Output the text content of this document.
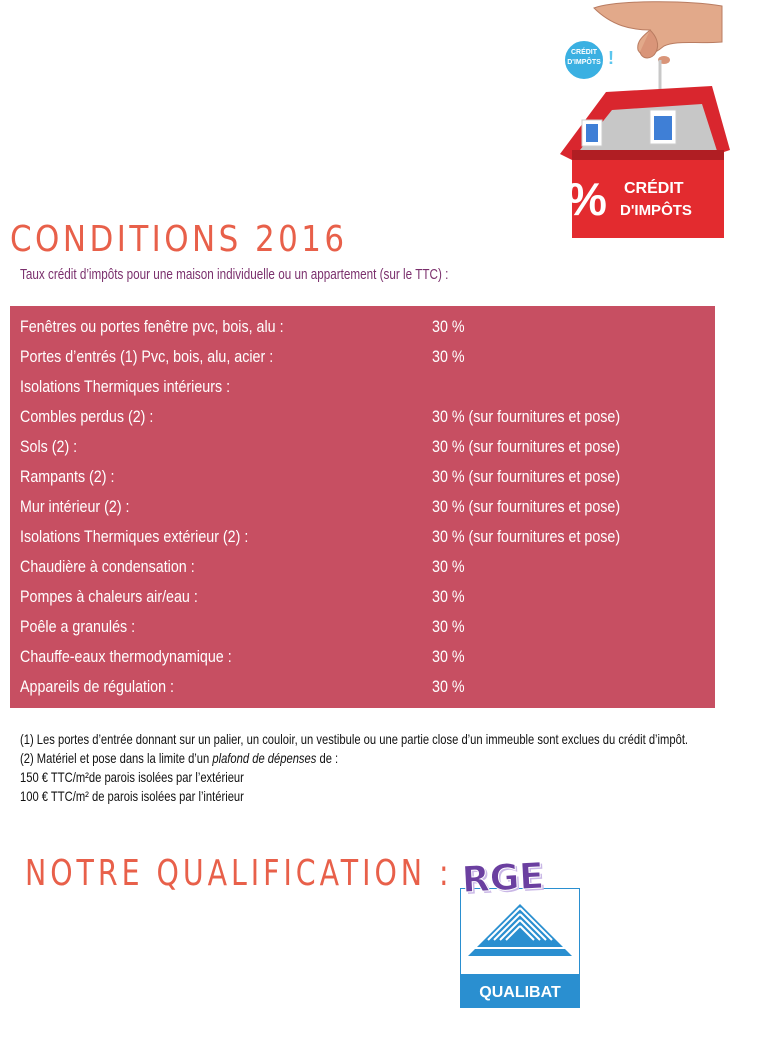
CRÉDIT
D'IMPÔTS !
% CRÉDIT
D'IMPÔTS
CONDITIONS 2016

Taux crédit d’impôts pour une maison individuelle ou un appartement (sur le TTC) :

Fenêtres ou portes fenêtre pvc, bois, alu :	30 %
Portes d’entrés (1) Pvc, bois, alu, acier :	30 %
Isolations Thermiques intérieurs :
Combles perdus (2) :	30 % (sur fournitures et pose)
Sols (2) :	30 % (sur fournitures et pose)
Rampants (2) :	30 % (sur fournitures et pose)
Mur intérieur (2) :	30 % (sur fournitures et pose)
Isolations Thermiques extérieur (2) :	30 % (sur fournitures et pose)
Chaudière à condensation :	30 %
Pompes à chaleurs air/eau :	30 %
Poêle a granulés :	30 %
Chauffe-eaux thermodynamique :	30 %
Appareils de régulation :	30 %
(1) Les portes d’entrée donnant sur un palier, un couloir, un vestibule ou une partie close d’un immeuble sont exclues du crédit d’impôt.
(2) Matériel et pose dans la limite d’un plafond de dépenses de :
150 € TTC/m²de parois isolées par l’extérieur
100 € TTC/m² de parois isolées par l’intérieur
NOTRE QUALIFICATION :
QUALIBAT
RGE
